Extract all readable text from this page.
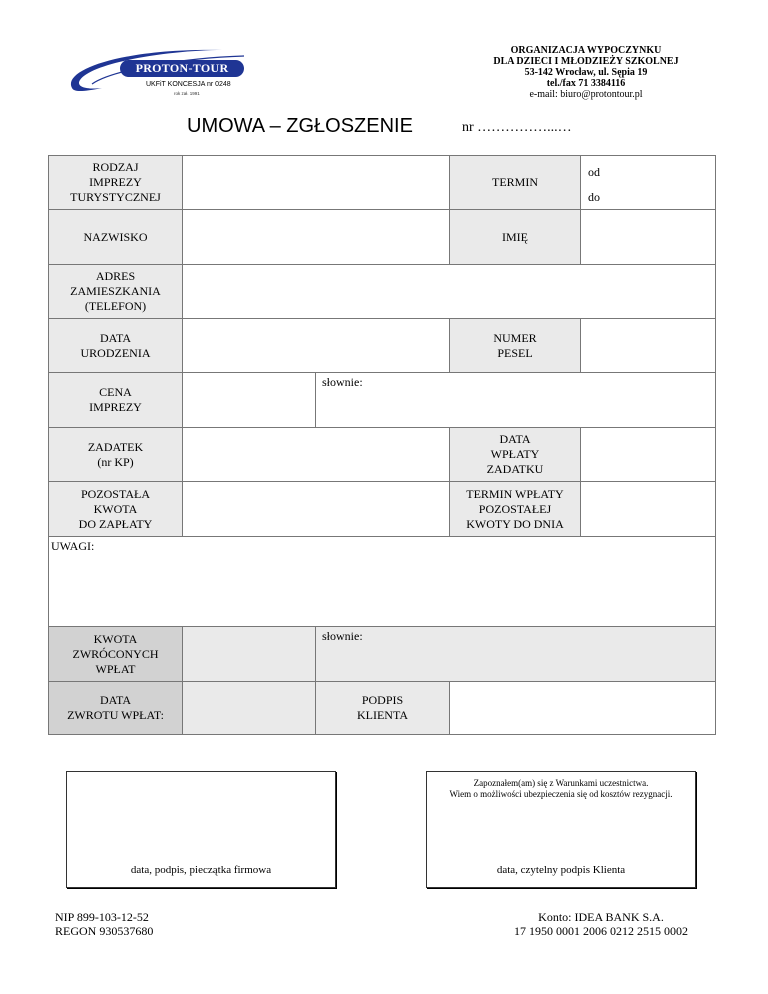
PROTON-TOUR
UKFiT KONCESJA nr 0248
rok zał. 1991
ORGANIZACJA WYPOCZYNKU
DLA DZIECI I MŁODZIEŻY SZKOLNEJ
53-142 Wrocław, ul. Sępia 19
tel./fax 71 3384116
e-mail: biuro@protontour.pl
UMOWA – ZGŁOSZENIE	nr ……………...…
RODZAJ
IMPREZY
TURYSTYCZNEJ
TERMIN
od
do
NAZWISKO	IMIĘ
ADRES
ZAMIESZKANIA
(TELEFON)
DATA
URODZENIA
NUMER
PESEL
CENA
IMPREZY
słownie:
ZADATEK
(nr KP)
DATA
WPŁATY
ZADATKU
POZOSTAŁA
KWOTA
DO ZAPŁATY
TERMIN WPŁATY
POZOSTAŁEJ
KWOTY DO DNIA
UWAGI:
KWOTA
ZWRÓCONYCH
WPŁAT
słownie:
DATA
ZWROTU WPŁAT:
PODPIS
KLIENTA
data, podpis, pieczątka firmowa
Zapoznałem(am) się z Warunkami uczestnictwa.
Wiem o możliwości ubezpieczenia się od kosztów rezygnacji.
data, czytelny podpis Klienta
NIP 899-103-12-52
REGON 930537680
Konto: IDEA BANK S.A.
17 1950 0001 2006 0212 2515 0002
